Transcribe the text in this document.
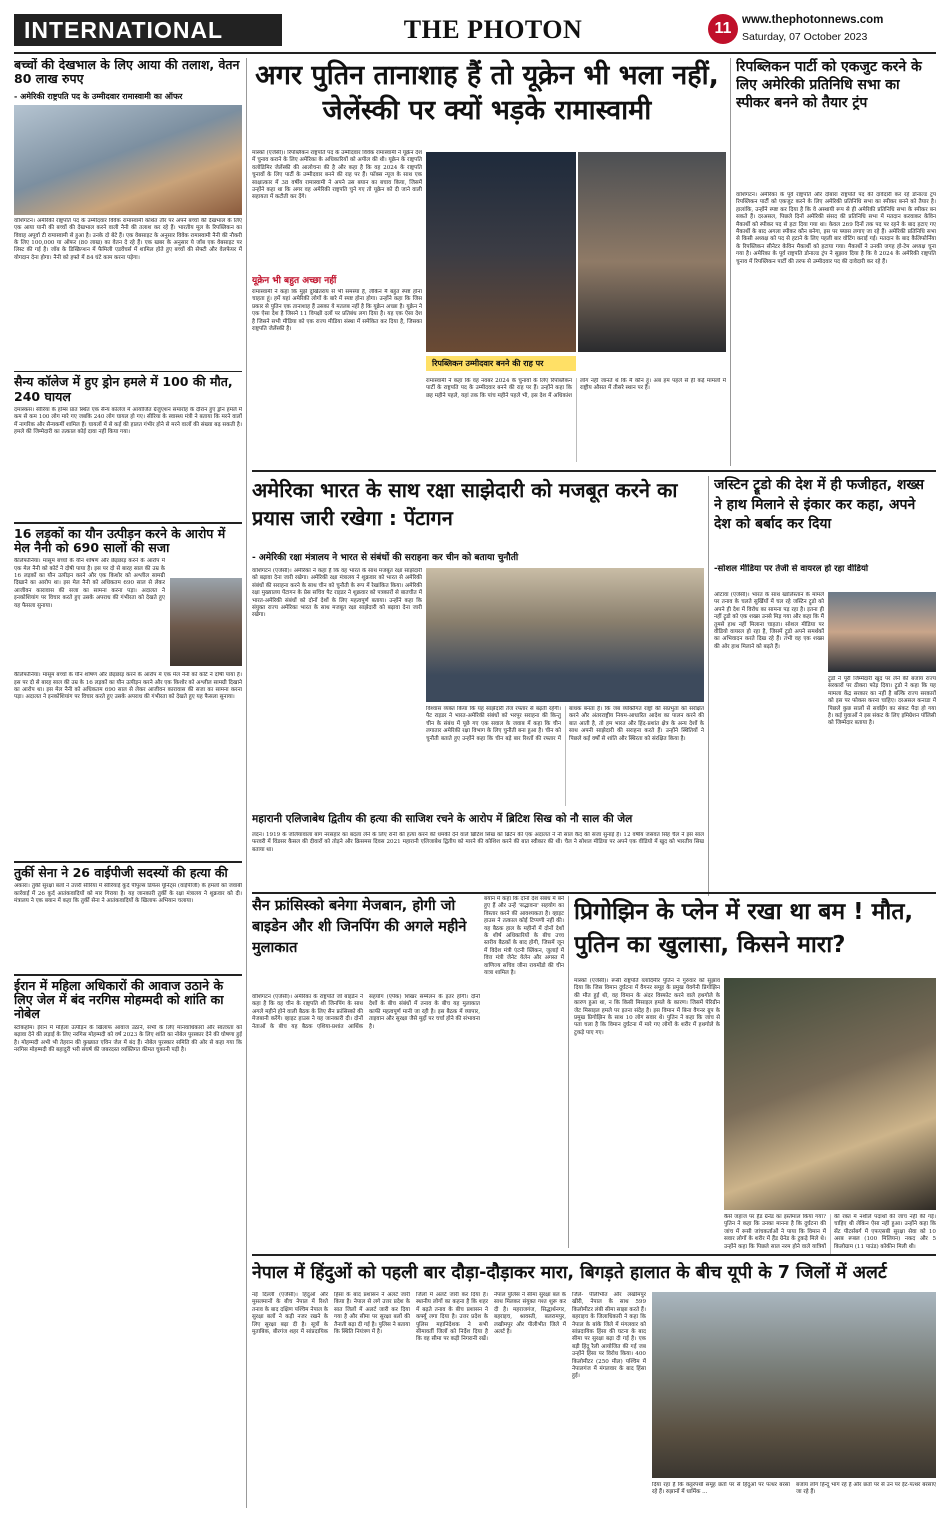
INTERNATIONAL	THE PHOTON	11 www.thephotonnews.com
Saturday, 07 October 2023
बच्चों की देखभाल के लिए आया की तलाश, वेतन 80 लाख रुपए
- अमेरिकी राष्ट्रपति पद के उम्मीदवार रामास्वामी का ऑफर
वॉशिंगटन। अमेरिकी राष्ट्रपति पद के उम्मीदवार विवेक रामास्वामी कथित तौर पर अपने बच्चों की देखभाल के लिए एक आया यानी की बच्चों की देखभाल करने वाली नैनी की तलाश कर रहे हैं। भारतीय मूल के रिपब्लिकन का विवाह अपूर्वा टी रामास्वामी से हुआ है। उनके दो बेटे हैं। एक वेबसाइट के अनुसार विवेक रामास्वामी नैनी की नौकरी के लिए 100,000 या ऑफर (80 लाख) का वेतन दे रहे हैं। एक खबर के अनुसार ये जॉब एक वेबसाइट पर लिस्ट की गई है। जॉब के डिस्क्रिप्शन में फैमिली एडवेंचर्स में शामिल होते हुए बच्चों की सेफ्टी और वेलफेयर में योगदान देना होगा। नैनी को हफ्ते में 84 घंटे काम करना पड़ेगा।
सैन्य कॉलेज में हुए ड्रोन हमले में 100 की मौत, 240 घायल
दमास्कस। सीरिया के होम्स प्रांत स्थित एक सैन्य कॉलेज में आयोजित ग्रेजुएशन समारोह के दौरान हुए ड्रोन हमले में कम से कम 100 लोग मारे गए जबकि 240 लोग घायल हो गए। सीरिया के स्वास्थ्य मंत्री ने बताया कि मरने वालों में नागरिक और सैन्यकर्मी शामिल हैं। घायलों में से कई की हालत गंभीर होने से मरने वालों की संख्या बढ़ सकती है। हमले की जिम्मेदारी का तत्काल कोई दावा नहीं किया गया।
16 लड़कों का यौन उत्पीड़न करने के आरोप में मेल नैनी को 690 सालों की सजा
कैलिफोर्निया। मासूम बच्चों के यौन शोषण और छेड़छाड़ करने के आरोप में एक मेल नैनी को कोर्ट ने दोषी पाया है। इस पर दो से बारह साल की उम्र के 16 लड़कों का यौन उत्पीड़न करने और एक किशोर को अश्लील सामग्री दिखाने का आरोप था। इस मेल नैनी को अधिकतम 690 साल से लेकर आजीवन कारावास की सजा का सामना करना पड़ा। अदालत ने इनकोशियांग पर विचार करते हुए उसके अपराध की गंभीरता को देखते हुए यह फैसला सुनाया।
कैलिफोर्निया। मासूम बच्चों के यौन शोषण और छेड़छाड़ करने के आरोप में एक मेल नैनी को कोर्ट ने दोषी पाया है। इस पर दो से बारह साल की उम्र के 16 लड़कों का यौन उत्पीड़न करने और एक किशोर को अश्लील सामग्री दिखाने का आरोप था। इस मेल नैनी को अधिकतम 690 साल से लेकर आजीवन कारावास की सजा का सामना करना पड़ा। अदालत ने इनकोशियांग पर विचार करते हुए उसके अपराध की गंभीरता को देखते हुए यह फैसला सुनाया।
तुर्की सेना ने 26 वाईपीजी सदस्यों की हत्या की
अंकारा। तुर्की सुरक्षा बलों ने उत्तरी सीरिया में सीरियाई कुर्द पीपुल्स डिफेंस यूनिट्स (वाईपीजी) के हमलों को जवाबी कार्रवाई में 26 कुर्द आतंकवादियों को मार गिराया है। यह जानकारी तुर्की के रक्षा मंत्रालय ने शुक्रवार को दी। मंत्रालय ने एक बयान में कहा कि तुर्की सेना ने आतंकवादियों के खिलाफ अभियान चलाया।
ईरान में महिला अधिकारों की आवाज उठाने के लिए जेल में बंद नरगिस मोहम्मदी को शांति का नोबेल
स्टॉकहोम। ईरान में महिला उत्पीड़न के खिलाफ आवाज उठाने, सभी के लिए मानवाधिकारों और स्वतंत्रता को बढ़ावा देने की लड़ाई के लिए नरगिस मोहम्मदी को वर्ष 2023 के लिए शांति का नोबेल पुरस्कार देने की घोषणा हुई है। मोहम्मदी अभी भी तेहरान की कुख्यात एविन जेल में बंद हैं। नोबेल पुरस्कार समिति की ओर से कहा गया कि नरगिस मोहम्मदी की बहादुरी भरी संघर्ष की जबरदस्त व्यक्तिगत कीमत चुकानी पड़ी है।
अगर पुतिन तानाशाह हैं तो यूक्रेन भी भला नहीं, जेलेंस्की पर क्यों भड़के रामास्वामी
मास्को (एजेंसी)। रिपब्लिकन राष्ट्रपति पद के उम्मीदवार विवेक रामास्वामी ने यूक्रेन देश में चुनाव कराने के लिए अमेरिका के अधिकारियों को अपील की थी। यूक्रेन के राष्ट्रपति वलोडिमिर जेलेंस्की की आलोचना की है और कहा है कि वह 2024 के राष्ट्रपति चुनावों के लिए पार्टी के उम्मीदवार बनने की राह पर हैं। फॉक्स न्यूज के साथ एक साक्षात्कार में 38 वर्षीय रामास्वामी ने अपने उस बयान का बचाव किया, जिसमें उन्होंने कहा था कि अगर वह अमेरिकी राष्ट्रपति चुने गए तो यूक्रेन को दी जाने वाली सहायता में कटौती कर देंगे।
यूक्रेन भी बहुत अच्छा नहीं
रामास्वामी ने कहा कि मुझे दुखितराय से भी समस्या है, लेकिन मैं बहुत स्पष्ट होना चाहता हूं। हमें यहां अमेरिकी लोगों के बारे में स्पष्ट होना होगा। उन्होंने कहा कि जिस प्रकार से पुतिन एक तानाशाह हैं उसका ये मतलब नहीं है कि यूक्रेन अच्छा है। यूक्रेन ने एक ऐसा देश है जिसने 11 विपक्षी दलों पर प्रतिबंध लगा दिया है। यह एक ऐसा देश है जिसने सभी मीडिया को एक राज्य मीडिया संस्था में समेकित कर दिया है, जिसका राष्ट्रपति जेलेंस्की है।
रिपब्लिकन उम्मीदवार बनने की राह पर
रामास्वामी ने कहा कि वह नवंबर 2024 के चुनावों के लिए रिपब्लिकन पार्टी के राष्ट्रपति पद के उम्मीदवार बनने की राह पर हैं। उन्होंने कहा कि छह महीने पहले, यहां तक कि पांच महीने पहले भी, इस देश में अधिकांश लोग नहीं जानते थे कि मैं कौन हूं। अब हम पहले से ही कई मामलों में राष्ट्रीय औसत में तीसरे स्थान पर हैं।
रिपब्लिकन पार्टी को एकजुट करने के लिए अमेरिकी प्रतिनिधि सभा का स्पीकर बनने को तैयार ट्रंप
वाशिंगटन। अमेरिका के पूर्व राष्ट्रपति और दोबारा राष्ट्रपति पद की दावेदारी कर रहे डोनाल्ड ट्रंप रिपब्लिकन पार्टी को एकजुट करने के लिए अमेरिकी प्रतिनिधि सभा का स्पीकर बनने को तैयार है। हालांकि, उन्होंने स्पष्ट कर दिया है कि वे अस्थायी रूप से ही अमेरिकी प्रतिनिधि सभा के स्पीकर बन सकते हैं। दरअसल, पिछले दिनों अमेरिकी संसद की प्रतिनिधि सभा में मतदान करवाकर केविन मैकार्थी को स्पीकर पद से हटा दिया गया था। केवल 269 दिनों तक पद पर रहने के बाद हटाए गए मैकार्थी के बाद अगला स्पीकर कौन बनेगा, इस पर फ्यास लगाए जा रहे हैं। अमेरिकी प्रतिनिधि सभा से किसी अध्यक्ष को पद से हटाने के लिए पहली बार वोटिंग कराई गई। मतदान के बाद कैलिफोर्निया के रिपब्लिकन सीनेटर केविन मैकार्थी को हटाया गया। मैकार्थी ने उनकी जगह हो-टेम अध्यक्ष चुना गया है। अमेरिका के पूर्व राष्ट्रपति डोनाल्ड ट्रंप ने सुझाव दिया है कि वे 2024 के अमेरिकी राष्ट्रपति चुनाव में रिपब्लिकन पार्टी की तरफ से उम्मीदवार पद की दावेदारी कर रहे हैं।
अमेरिका भारत के साथ रक्षा साझेदारी को मजबूत करने का प्रयास जारी रखेगा : पेंटागन
- अमेरिकी रक्षा मंत्रालय ने भारत से संबंधों की सराहना कर चीन को बताया चुनौती
वाशिंगटन (एजेंसी)। अमेरिका ने कहा है कि वह भारत के साथ मजबूत रक्षा साझेदारी को बढ़ावा देना जारी रखेगा। अमेरिकी रक्षा मंत्रालय ने शुक्रवार को भारत से अमेरिकी संबंधों की सराहना करने के साथ चीन को चुनौती के रूप में रेखांकित किया। अमेरिकी रक्षा मुख्यालय पेंटागन के प्रेस सचिव पैट राइडर ने शुक्रवार को पत्रकारों से बातचीत में भारत-अमेरिकी संबंधों को दोनों देशों के लिए महत्वपूर्ण बताया। उन्होंने कहा कि संयुक्त राज्य अमेरिका भारत के साथ मजबूत रक्षा साझेदारी को बढ़ावा देना जारी रखेगा।
विश्वास व्यक्त किया कि यह साझेदारी तेज रफ्तार से बढ़ती रहेगी। पैट राइडर ने भारत-अमेरिकी संबंधों को भरपूर सराहना की किन्तु चीन के संबंध में पूछे गए एक सवाल के जवाब में कहा कि चीन लगातार अमेरिकी रक्षा विभाग के लिए चुनौती बना हुआ है। चीन को चुनौती बताते हुए उन्होंने कहा कि चीन बड़े बार रिश्तों की रफ्तार में बाधक बनता है। कि जब व्यक्तिगत राष्ट्रों की संप्रभुता को संरक्षित करने और अंतरराष्ट्रीय नियम-आधारित आदेश का पालन करने की बात आती है, तो हम भारत और हिंद-प्रशांत क्षेत्र के अन्य देशों के साथ अपनी साझेदारी की सराहना करते हैं। उन्होंने स्थितियों ने पिछले कई वर्षों से शांति और स्थिरता को संरक्षित किया है।
जस्टिन ट्रूडो की देश में ही फजीहत, शख्स ने हाथ मिलाने से इंकार कर कहा, अपने देश को बर्बाद कर दिया
-सोशल मीडिया पर तेजी से वायरल हो रहा वीडियो
ओटावा (एजेंसी)। भारत के साथ खालिस्तान के मामले पर तनाव के चलते सुर्खियों में चल रहे जस्टिन ट्रूडो को अपने ही देश में विरोध का सामना पड़ रहा है। इतना ही नहीं ट्रूडो को एक शख्स उनसे मिड़ गया और कहा कि मैं तुमसे हाथ नहीं मिलाना चाहता। सोशल मीडिया पर वीडियो वायरल हो रहा है, जिसमें ट्रूडो अपने समर्थकों का अभिवादन करते दिख रहे हैं। तभी वह एक शख्स की ओर हाथ मिलाने को बढ़ते हैं।
ट्रूडो ने पूरी जिम्मेदारी खुद पर लेने की बजाय राज्य सरकारों पर ठीकरा फोड़ दिया। ट्रूडो ने कहा कि यह मामला केंद्र सरकार का नहीं है बल्कि राज्य सरकारों को इस पर फोकस करना चाहिए। दरअसल कनाडा में पिछले कुछ सालों से सर्वाईंग का संकट पैदा हो गया है। कई युवाओं ने इस संकट के लिए इमिग्रेशन पॉलिसी को जिम्मेदार बताया है।
महारानी एलिजाबेथ द्वितीय की हत्या की साजिश रचने के आरोप में ब्रिटिश सिख को नौ साल की जेल
लंदन। 1919 के जलियांवाला बाग नरसंहार का बदला लेने के लिए रानी की हत्या करने की धमकी देने वाले ब्रिटिश सिख को ब्रिटेन की एक अदालत ने नौ साल कैद की सजा सुनाई है। 12 वर्षीय जसवंत सिंह चैल ने इस साल फरवरी में विंडसर कैसल की दीवारों को तोड़ने और क्रिसमस दिवस 2021 महारानी एलिजाबेथ द्वितीय को मारने की कोशिश करने की बात स्वीकार की थी। चैल ने सोशल मीडिया पर अपने एक वीडियो में खुद को भारतीय सिख बताया था।
सैन फ्रांसिस्को बनेगा मेजबान, होगी जो बाइडेन और शी जिनपिंग की अगले महीने मुलाकात
वॉशिंगटन (एजेंसी)। अमेरिका के राष्ट्रपति जो बाइडेन ने कहा है कि वह चीन के राष्ट्रपति शी जिनपिंग के साथ अगले महीने होने वाली बैठक के लिए सैन फ्रांसिस्को की मेजबानी करेंगे। व्हाइट हाउस ने यह जानकारी दी। दोनों नेताओं के बीच यह बैठक एशिया-प्रशांत आर्थिक सहयोग (एपेक) शिखर सम्मेलन के इतर होगी। दोनों देशों के बीच संबंधों में तनाव के बीच यह मुलाकात काफी महत्वपूर्ण मानी जा रही है। इस बैठक में व्यापार, ताइवान और सुरक्षा जैसे मुद्दों पर चर्चा होने की संभावना है।
बयान में कहा कि दोनों देश संबंध में बने हुए हैं और उन्हें 'सद्भावना' सहयोग का विस्तार करने की आवश्यकता है। व्हाइट हाउस ने तत्काल कोई टिप्पणी नहीं की। यह बैठक हाल के महीनों में दोनों देशों के शीर्ष अधिकारियों के बीच उच्च स्तरीय बैठकों के बाद होगी, जिसमें जून में विदेश मंत्री एंटनी ब्लिंकन, जुलाई में वित्त मंत्री जेनेट येलेन और अगस्त में वाणिज्य सचिव जीना रायमोंडो की चीन यात्रा शामिल है।
प्रिगोझिन के प्लेन में रखा था बम ! मौत, पुतिन का खुलासा, किसने मारा?
मास्को (एजेंसी)। रूसी राष्ट्रपति व्लादिमीर पुतिन ने गुरुवार को सुझाव दिया कि जिस विमान दुर्घटना में वैगनर समूह के प्रमुख येवगेनी प्रिगोझिन की मौत हुई थी, वह विमान के अंदर विस्फोट करने वाले हथगोले के कारण हुआ था, न कि किसी मिसाइल हमले के कारण। जिसमें पेरिग्रीन जेट मिसाइल हमले पर इतना संदेह है। इस विमान में बिना वैगनर ग्रुप के प्रमुख प्रिगोझिन के साथ 10 लोग सवार थे। पुतिन ने कहा कि जांच से पता चला है कि विमान दुर्घटना में मारे गए लोगों के शरीर में हथगोले के टुकड़े पाए गए।
कैसे जहाज पर हैंड ग्रेनेड का इस्तेमाल किया गया? पुतिन ने कहा कि उनका मानना है कि दुर्घटना की जांच में रूसी जांचकर्ताओं ने पाया कि विमान में सवार लोगों के शरीर में हैंड ग्रेनेड के टुकड़े मिले थे। उन्होंने कहा कि पिछले साल नरम होने वाले यात्रियों की रक्त में नशीले पदार्थों की जांच नहीं की गई। चाहिए थी लेकिन ऐसा नहीं हुआ। उन्होंने कहा कि सेंट पीटर्सबर्ग में एफएसबी सुरक्षा सेवा को 10 अरब रूबल (100 मिलियन) नकद और 5 किलोग्राम (11 पाउंड) कोकीन मिली थी।
नेपाल में हिंदुओं को पहली बार दौड़ा-दौड़ाकर मारा, बिगड़ते हालात के बीच यूपी के 7 जिलों में अलर्ट
नई दिल्ली (एजेंसी)। हिंदुओं और मुसलमानों के बीच नेपाल में रिश्ते तनाव के बाद दक्षिण पश्चिम नेपाल के सुरक्षा बलों ने कड़ी नजर रखने के लिए सुरक्षा बढ़ा दी है। सूत्रों के मुताबिक, बीरगंज शहर में सांप्रदायिक हिंसा के बाद प्रशासन ने अलर्ट जारी किया है। नेपाल से लगे उत्तर प्रदेश के सात जिलों में अलर्ट जारी कर दिया गया है और सीमा पर सुरक्षा बलों की तैनाती बढ़ा दी गई है। पुलिस ने बताया कि स्थिति नियंत्रण में है।
जिलों में अलर्ट जारी कर दिया है। स्थानीय लोगों का कहना है कि शहर में बढ़ते तनाव के बीच प्रशासन ने कर्फ्यू लगा दिया है। उत्तर प्रदेश के पुलिस महानिदेशक ने सभी सीमावर्ती जिलों को निर्देश दिया है कि वह सीमा पर कड़ी निगरानी रखें। नेपाल पुलिस ने सीमा सुरक्षा बल के साथ मिलकर संयुक्त गश्त शुरू कर दी है। महराजगंज, सिद्धार्थनगर, बहराइच, श्रावस्ती, बलरामपुर, लखीमपुर और पीलीभीत जिले में अलर्ट है।
जिले- पीलीभीत और लखीमपुर खीरी, नेपाल के साथ 599 किलोमीटर लंबी सीमा साझा करते हैं। बहराइच के जिलाधिकारी ने कहा कि नेपाल के बांके जिले में मंगलवार को सांप्रदायिक हिंसा की घटना के बाद सीमा पर सुरक्षा बढ़ा दी गई है। एक बड़ी हिंदू रैली आयोजित की गई जब उन्होंने हिंसा पर विरोध किया। 400 किलोमीटर (250 मील) पश्चिम में नेपालगंज में मंगलवार के बाद हिंसा हुई।
दिया रहा है कि कट्टरपंथी समूह छतों पर से हिंदुओं पर पत्थर बरसा रहे हैं। रुझानों में धार्मिक ...
बजाय लोग हिन्दू भाग रहे हैं और छतों पर से उन पर ईंट-पत्थर बरसाए जा रहे हैं।
